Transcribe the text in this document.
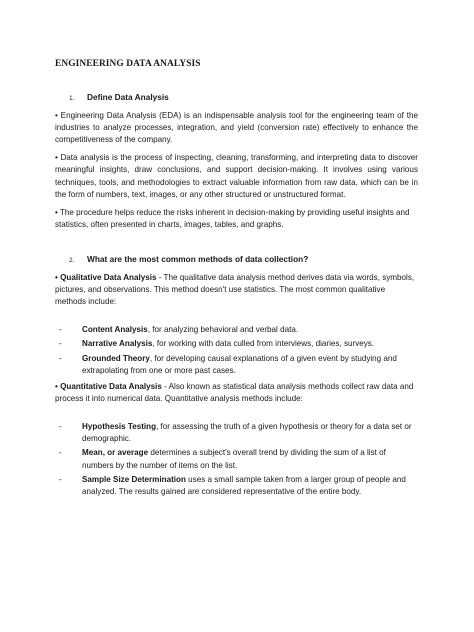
ENGINEERING DATA ANALYSIS
1.	Define Data Analysis

• Engineering Data Analysis (EDA) is an indispensable analysis tool for the engineering team of the industries to analyze processes, integration, and yield (conversion rate) effectively to enhance the competitiveness of the company.

• Data analysis is the process of inspecting, cleaning, transforming, and interpreting data to discover meaningful insights, draw conclusions, and support decision-making. It involves using various techniques, tools, and methodologies to extract valuable information from raw data, which can be in the form of numbers, text, images, or any other structured or unstructured format.

• The procedure helps reduce the risks inherent in decision-making by providing useful insights and statistics, often presented in charts, images, tables, and graphs.

2.	What are the most common methods of data collection?

• Qualitative Data Analysis - The qualitative data analysis method derives data via words, symbols, pictures, and observations. This method doesn't use statistics. The most common qualitative methods include:

-	Content Analysis, for analyzing behavioral and verbal data.
-	Narrative Analysis, for working with data culled from interviews, diaries, surveys.
-	Grounded Theory, for developing causal explanations of a given event by studying and extrapolating from one or more past cases.

• Quantitative Data Analysis - Also known as statistical data analysis methods collect raw data and process it into numerical data. Quantitative analysis methods include:

-	Hypothesis Testing, for assessing the truth of a given hypothesis or theory for a data set or demographic.
-	Mean, or average determines a subject's overall trend by dividing the sum of a list of numbers by the number of items on the list.
-	Sample Size Determination uses a small sample taken from a larger group of people and analyzed. The results gained are considered representative of the entire body.
